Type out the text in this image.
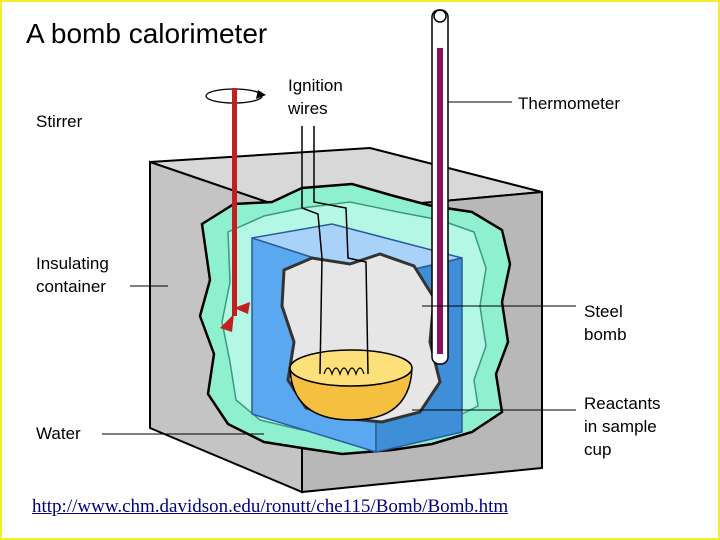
A bomb calorimeter
Stirrer
Ignition
wires	Thermometer
Insulating
container
Steel
bomb
Water
Reactants
in sample
cup
http://www.chm.davidson.edu/ronutt/che115/Bomb/Bomb.htm
